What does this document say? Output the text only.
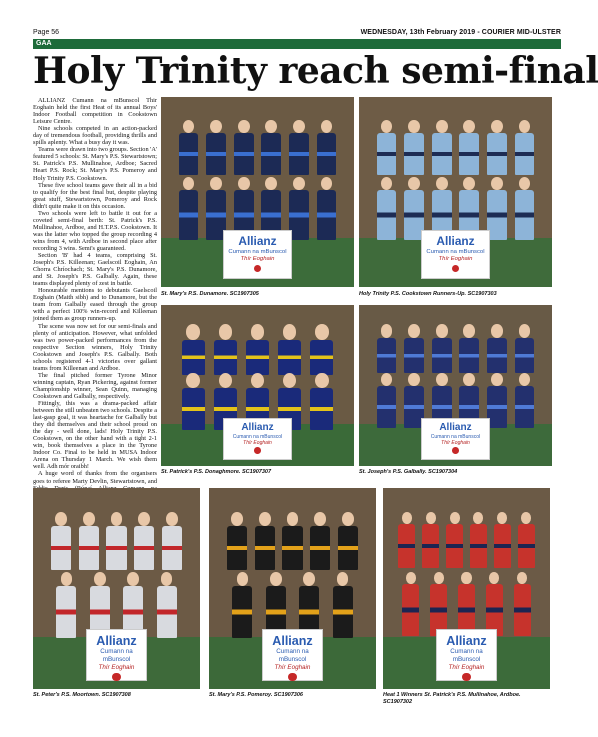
Page 56	WEDNESDAY, 13th February 2019 - COURIER MID-ULSTER
GAA
Holy Trinity reach semi-final

ALLIANZ Cumann na mBunscol Thir Eoghain held the first Heat of its annual Boys' Indoor Football competition in Cookstown Leisure Centre.

Nine schools competed in an action-packed day of tremendous football, providing thrills and spills aplenty. What a busy day it was.

Teams were drawn into two groups. Section 'A' featured 5 schools: St. Mary's P.S. Stewartstown; St. Patrick's P.S. Mullinahoe, Ardboe; Sacred Heart P.S. Rock; St. Mary's P.S. Pomeroy and Holy Trinity P.S. Cookstown.

These five school teams gave their all in a bid to qualify for the best final but, despite playing great stuff, Stewartstown, Pomeroy and Rock didn't quite make it on this occasion.

Two schools were left to battle it out for a coveted semi-final berth: St. Patrick's P.S. Mullinahoe, Ardboe, and H.T.P.S. Cookstown. It was the latter who topped the group recording 4 wins from 4, with Ardboe in second place after recording 3 wins. Semi's guaranteed.

Section 'B' had 4 teams, comprising St. Joseph's P.S. Killeenan; Gaelscoil Eoghain, An Chorra Chríochach; St. Mary's P.S. Dunamore, and St. Joseph's P.S. Galbally. Again, these teams displayed plenty of zest in battle.

Honourable mentions to debutants Gaelscoil Eoghain (Maith sibh) and to Dunamore, but the team from Galbally eased through the group with a perfect 100% win-record and Killeenan joined them as group runners-up.

The scene was now set for our semi-finals and plenty of anticipation. However, what unfolded was two power-packed performances from the respective Section winners, Holy Trinity Cookstown and Joseph's P.S. Galbally. Both schools registered 4-1 victories over gallant teams from Killeenan and Ardboe.

The final pitched former Tyrone Minor winning captain, Ryan Pickering, against former Championship winner, Sean Quinn, managing Cookstown and Galbally, respectively.

Fittingly, this was a drama-packed affair between the still unbeaten two schools. Despite a last-gasp goal, it was heartache for Galbally but they did themselves and their school proud on the day - well done, lads! Holy Trinity P.S. Cookstown, on the other hand with a tight 2-1 win, book themselves a place in the Tyrone Indoor Co. Final to be held in MUSA Indoor Arena on Thursday 1 March. We wish them well. Adh mór oraibh!

A huge word of thanks from the organisers goes to referee Marty Devlin, Stewartstown, and

Allianz
Cumann na mBunscol
Thír Eoghain
St. Mary's P.S. Dunamore. SC1907305
Allianz
Cumann na mBunscol
Thír Eoghain
Holy Trinity P.S. Cookstown Runners-Up. SC1907303
Allianz
Cumann na mBunscol
Thír Eoghain
St. Patrick's P.S. Donaghmore. SC1907307
Allianz
Cumann na mBunscol
Thír Eoghain
St. Joseph's P.S. Galbally. SC1907304
Allianz
Cumann na mBunscol
Thír Eoghain
St. Peter's P.S. Moortown. SC1907308
Allianz
Cumann na mBunscol
Thír Eoghain
St. Mary's P.S. Pomeroy. SC1907306
Allianz
Cumann na mBunscol
Thír Eoghain
Heat 1 Winners St. Patrick's P.S. Mullinahoe, Ardboe. SC1907302
